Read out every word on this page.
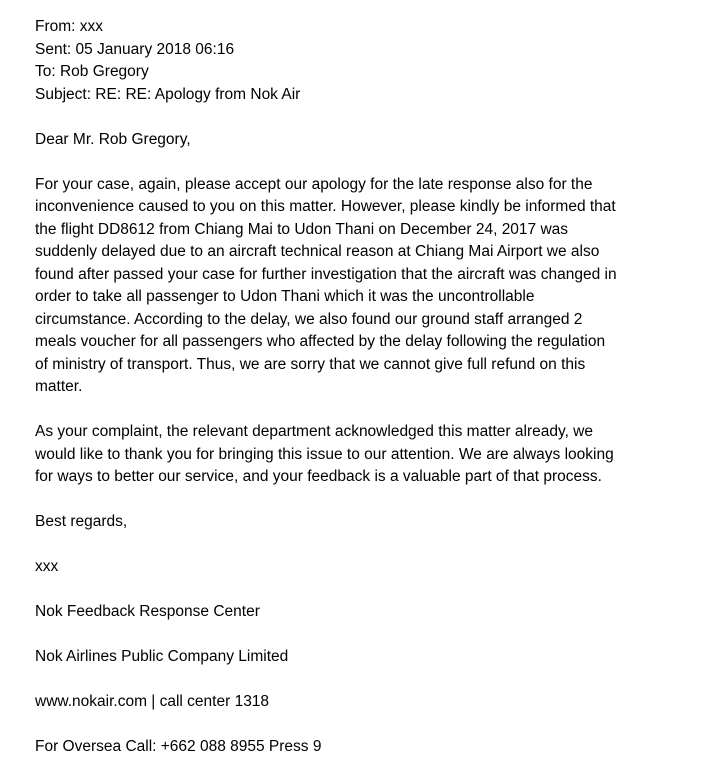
From: xxx
Sent: 05 January 2018 06:16
To: Rob Gregory
Subject: RE: RE: Apology from Nok Air
Dear Mr. Rob Gregory,
For your case, again, please accept our apology for the late response also for the
inconvenience caused to you on this matter. However, please kindly be informed that
the flight DD8612 from Chiang Mai to Udon Thani on December 24, 2017 was
suddenly delayed due to an aircraft technical reason at Chiang Mai Airport we also
found after passed your case for further investigation that the aircraft was changed in
order to take all passenger to Udon Thani which it was the uncontrollable
circumstance. According to the delay, we also found our ground staff arranged 2
meals voucher for all passengers who affected by the delay following the regulation
of ministry of transport. Thus, we are sorry that we cannot give full refund on this
matter.
As your complaint, the relevant department acknowledged this matter already, we
would like to thank you for bringing this issue to our attention. We are always looking
for ways to better our service, and your feedback is a valuable part of that process.
Best regards,
xxx
Nok Feedback Response Center
Nok Airlines Public Company Limited
www.nokair.com | call center 1318
For Oversea Call: +662 088 8955 Press 9
